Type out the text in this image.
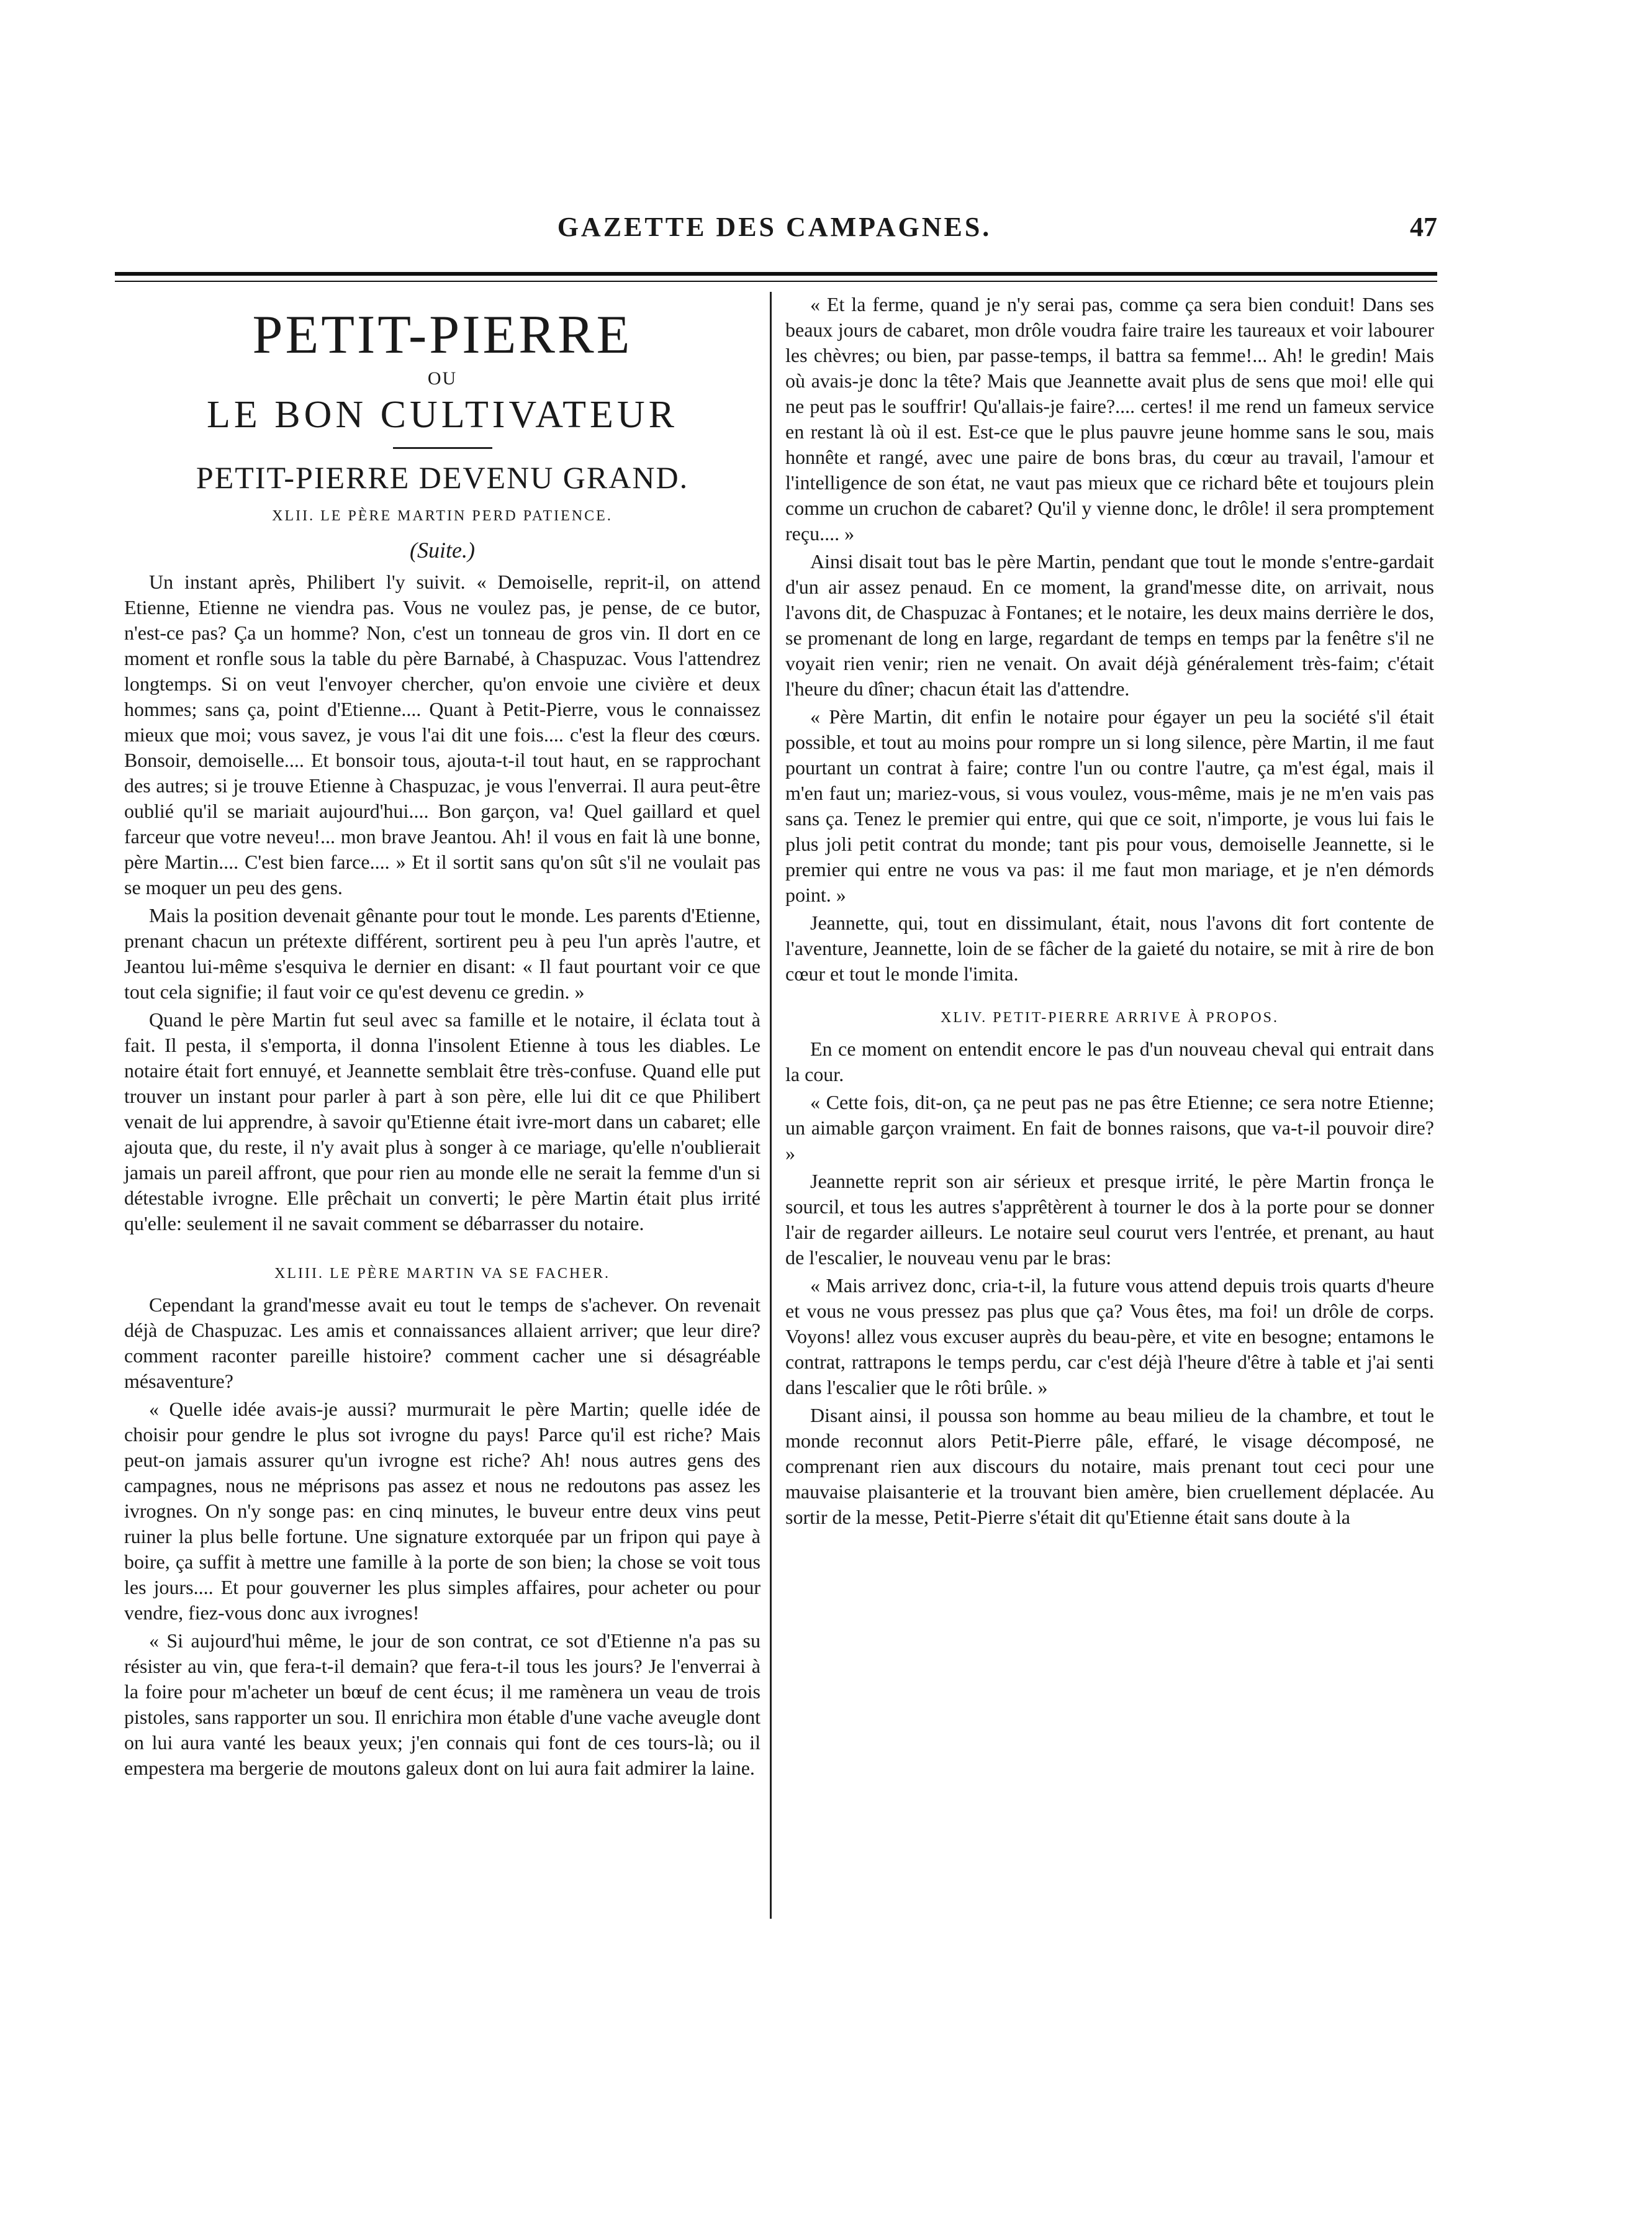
GAZETTE DES CAMPAGNES.	47
PETIT-PIERRE
OU
LE BON CULTIVATEUR
PETIT-PIERRE DEVENU GRAND.
XLII. LE PÈRE MARTIN PERD PATIENCE.
(Suite.)

Un instant après, Philibert l'y suivit. « Demoiselle, reprit-il, on attend Etienne, Etienne ne viendra pas. Vous ne voulez pas, je pense, de ce butor, n'est-ce pas? Ça un homme? Non, c'est un tonneau de gros vin. Il dort en ce moment et ronfle sous la table du père Barnabé, à Chaspuzac. Vous l'attendrez longtemps. Si on veut l'envoyer chercher, qu'on envoie une civière et deux hommes; sans ça, point d'Etienne.... Quant à Petit-Pierre, vous le connaissez mieux que moi; vous savez, je vous l'ai dit une fois.... c'est la fleur des cœurs. Bonsoir, demoiselle.... Et bonsoir tous, ajouta-t-il tout haut, en se rapprochant des autres; si je trouve Etienne à Chaspuzac, je vous l'enverrai. Il aura peut-être oublié qu'il se mariait aujourd'hui.... Bon garçon, va! Quel gaillard et quel farceur que votre neveu!... mon brave Jeantou. Ah! il vous en fait là une bonne, père Martin.... C'est bien farce.... » Et il sortit sans qu'on sût s'il ne voulait pas se moquer un peu des gens.

Mais la position devenait gênante pour tout le monde. Les parents d'Etienne, prenant chacun un prétexte différent, sortirent peu à peu l'un après l'autre, et Jeantou lui-même s'esquiva le dernier en disant: « Il faut pourtant voir ce que tout cela signifie; il faut voir ce qu'est devenu ce gredin. »

Quand le père Martin fut seul avec sa famille et le notaire, il éclata tout à fait. Il pesta, il s'emporta, il donna l'insolent Etienne à tous les diables. Le notaire était fort ennuyé, et Jeannette semblait être très-confuse. Quand elle put trouver un instant pour parler à part à son père, elle lui dit ce que Philibert venait de lui apprendre, à savoir qu'Etienne était ivre-mort dans un cabaret; elle ajouta que, du reste, il n'y avait plus à songer à ce mariage, qu'elle n'oublierait jamais un pareil affront, que pour rien au monde elle ne serait la femme d'un si détestable ivrogne. Elle prêchait un converti; le père Martin était plus irrité qu'elle: seulement il ne savait comment se débarrasser du notaire.

XLIII. LE PÈRE MARTIN VA SE FACHER.

Cependant la grand'messe avait eu tout le temps de s'achever. On revenait déjà de Chaspuzac. Les amis et connaissances allaient arriver; que leur dire? comment raconter pareille histoire? comment cacher une si désagréable mésaventure?

« Quelle idée avais-je aussi? murmurait le père Martin; quelle idée de choisir pour gendre le plus sot ivrogne du pays! Parce qu'il est riche? Mais peut-on jamais assurer qu'un ivrogne est riche? Ah! nous autres gens des campagnes, nous ne méprisons pas assez et nous ne redoutons pas assez les ivrognes. On n'y songe pas: en cinq minutes, le buveur entre deux vins peut ruiner la plus belle fortune. Une signature extorquée par un fripon qui paye à boire, ça suffit à mettre une famille à la porte de son bien; la chose se voit tous les jours.... Et pour gouverner les plus simples affaires, pour acheter ou pour vendre, fiez-vous donc aux ivrognes!

« Si aujourd'hui même, le jour de son contrat, ce sot d'Etienne n'a pas su résister au vin, que fera-t-il demain? que fera-t-il tous les jours? Je l'enverrai à la foire pour m'acheter un bœuf de cent écus; il me ramènera un veau de trois pistoles, sans rapporter un sou. Il enrichira mon étable d'une vache aveugle dont on lui aura vanté les beaux yeux; j'en connais qui font de ces tours-là; ou il empestera ma bergerie de moutons galeux dont on lui aura fait admirer la laine.

« Et la ferme, quand je n'y serai pas, comme ça sera bien conduit! Dans ses beaux jours de cabaret, mon drôle voudra faire traire les taureaux et voir labourer les chèvres; ou bien, par passe-temps, il battra sa femme!... Ah! le gredin! Mais où avais-je donc la tête? Mais que Jeannette avait plus de sens que moi! elle qui ne peut pas le souffrir! Qu'allais-je faire?.... certes! il me rend un fameux service en restant là où il est. Est-ce que le plus pauvre jeune homme sans le sou, mais honnête et rangé, avec une paire de bons bras, du cœur au travail, l'amour et l'intelligence de son état, ne vaut pas mieux que ce richard bête et toujours plein comme un cruchon de cabaret? Qu'il y vienne donc, le drôle! il sera promptement reçu.... »

Ainsi disait tout bas le père Martin, pendant que tout le monde s'entre-gardait d'un air assez penaud. En ce moment, la grand'messe dite, on arrivait, nous l'avons dit, de Chaspuzac à Fontanes; et le notaire, les deux mains derrière le dos, se promenant de long en large, regardant de temps en temps par la fenêtre s'il ne voyait rien venir; rien ne venait. On avait déjà généralement très-faim; c'était l'heure du dîner; chacun était las d'attendre.

« Père Martin, dit enfin le notaire pour égayer un peu la société s'il était possible, et tout au moins pour rompre un si long silence, père Martin, il me faut pourtant un contrat à faire; contre l'un ou contre l'autre, ça m'est égal, mais il m'en faut un; mariez-vous, si vous voulez, vous-même, mais je ne m'en vais pas sans ça. Tenez le premier qui entre, qui que ce soit, n'importe, je vous lui fais le plus joli petit contrat du monde; tant pis pour vous, demoiselle Jeannette, si le premier qui entre ne vous va pas: il me faut mon mariage, et je n'en démords point. »

Jeannette, qui, tout en dissimulant, était, nous l'avons dit fort contente de l'aventure, Jeannette, loin de se fâcher de la gaieté du notaire, se mit à rire de bon cœur et tout le monde l'imita.

XLIV. PETIT-PIERRE ARRIVE À PROPOS.

En ce moment on entendit encore le pas d'un nouveau cheval qui entrait dans la cour.

« Cette fois, dit-on, ça ne peut pas ne pas être Etienne; ce sera notre Etienne; un aimable garçon vraiment. En fait de bonnes raisons, que va-t-il pouvoir dire? »

Jeannette reprit son air sérieux et presque irrité, le père Martin fronça le sourcil, et tous les autres s'apprêtèrent à tourner le dos à la porte pour se donner l'air de regarder ailleurs. Le notaire seul courut vers l'entrée, et prenant, au haut de l'escalier, le nouveau venu par le bras:

« Mais arrivez donc, cria-t-il, la future vous attend depuis trois quarts d'heure et vous ne vous pressez pas plus que ça? Vous êtes, ma foi! un drôle de corps. Voyons! allez vous excuser auprès du beau-père, et vite en besogne; entamons le contrat, rattrapons le temps perdu, car c'est déjà l'heure d'être à table et j'ai senti dans l'escalier que le rôti brûle. »

Disant ainsi, il poussa son homme au beau milieu de la chambre, et tout le monde reconnut alors Petit-Pierre pâle, effaré, le visage décomposé, ne comprenant rien aux discours du notaire, mais prenant tout ceci pour une mauvaise plaisanterie et la trouvant bien amère, bien cruellement déplacée. Au sortir de la messe, Petit-Pierre s'était dit qu'Etienne était sans doute à la
